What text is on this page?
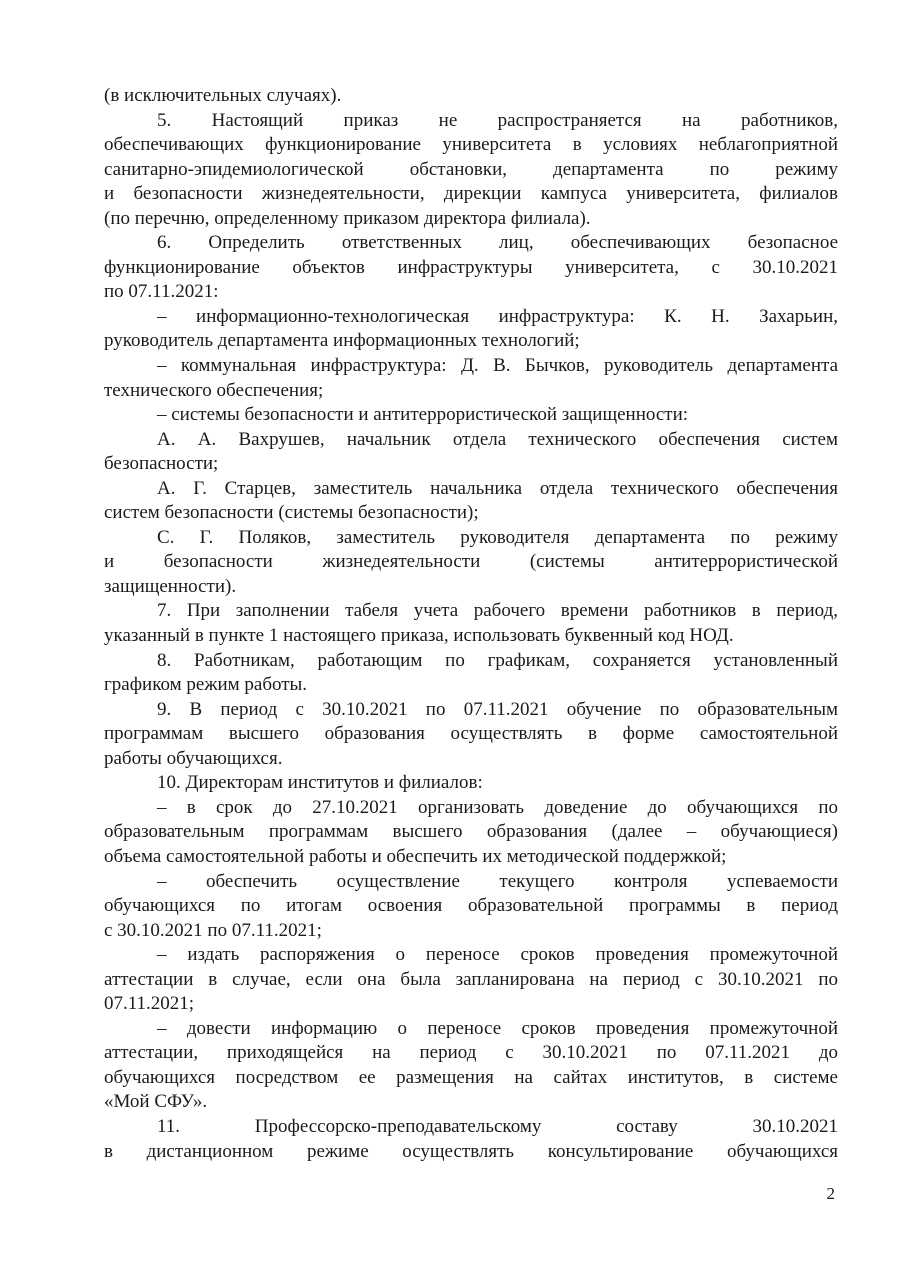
(в исключительных случаях).
5. Настоящий приказ не распространяется на работников,
обеспечивающих функционирование университета в условиях неблагоприятной
санитарно-эпидемиологической обстановки, департамента по режиму
и безопасности жизнедеятельности, дирекции кампуса университета, филиалов
(по перечню, определенному приказом директора филиала).
6. Определить ответственных лиц, обеспечивающих безопасное
функционирование объектов инфраструктуры университета, с 30.10.2021
по 07.11.2021:
– информационно-технологическая инфраструктура: К. Н. Захарьин,
руководитель департамента информационных технологий;
– коммунальная инфраструктура: Д. В. Бычков, руководитель департамента
технического обеспечения;
– системы безопасности и антитеррористической защищенности:
А. А. Вахрушев, начальник отдела технического обеспечения систем
безопасности;
А. Г. Старцев, заместитель начальника отдела технического обеспечения
систем безопасности (системы безопасности);
С. Г. Поляков, заместитель руководителя департамента по режиму
и безопасности жизнедеятельности (системы антитеррористической
защищенности).
7. При заполнении табеля учета рабочего времени работников в период,
указанный в пункте 1 настоящего приказа, использовать буквенный код НОД.
8. Работникам, работающим по графикам, сохраняется установленный
графиком режим работы.
9. В период с 30.10.2021 по 07.11.2021 обучение по образовательным
программам высшего образования осуществлять в форме самостоятельной
работы обучающихся.
10. Директорам институтов и филиалов:
– в срок до 27.10.2021 организовать доведение до обучающихся по
образовательным программам высшего образования (далее – обучающиеся)
объема самостоятельной работы и обеспечить их методической поддержкой;
– обеспечить осуществление текущего контроля успеваемости
обучающихся по итогам освоения образовательной программы в период
с 30.10.2021 по 07.11.2021;
– издать распоряжения о переносе сроков проведения промежуточной
аттестации в случае, если она была запланирована на период с 30.10.2021 по
07.11.2021;
– довести информацию о переносе сроков проведения промежуточной
аттестации, приходящейся на период с 30.10.2021 по 07.11.2021 до
обучающихся посредством ее размещения на сайтах институтов, в системе
«Мой СФУ».
11. Профессорско-преподавательскому составу 30.10.2021
в дистанционном режиме осуществлять консультирование обучающихся
2
